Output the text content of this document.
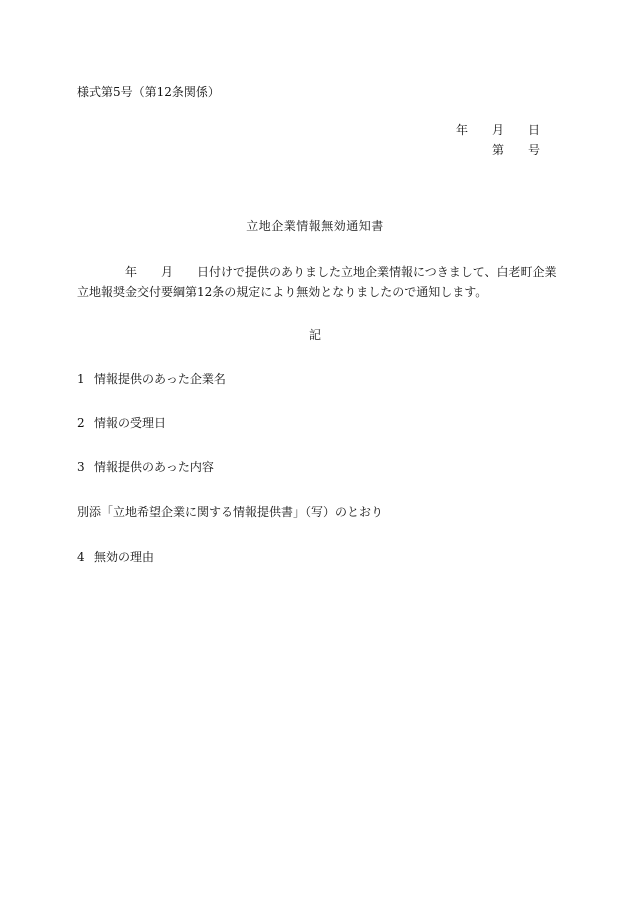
様式第5号（第12条関係）
年 月 日
第 号
立地企業情報無効通知書
年 月 日付けで提供のありました立地企業情報につきまして、白老町企業
立地報奨金交付要綱第12条の規定により無効となりましたので通知します。
記
1 情報提供のあった企業名
2 情報の受理日
3 情報提供のあった内容
別添「立地希望企業に関する情報提供書」（写）のとおり
4 無効の理由
